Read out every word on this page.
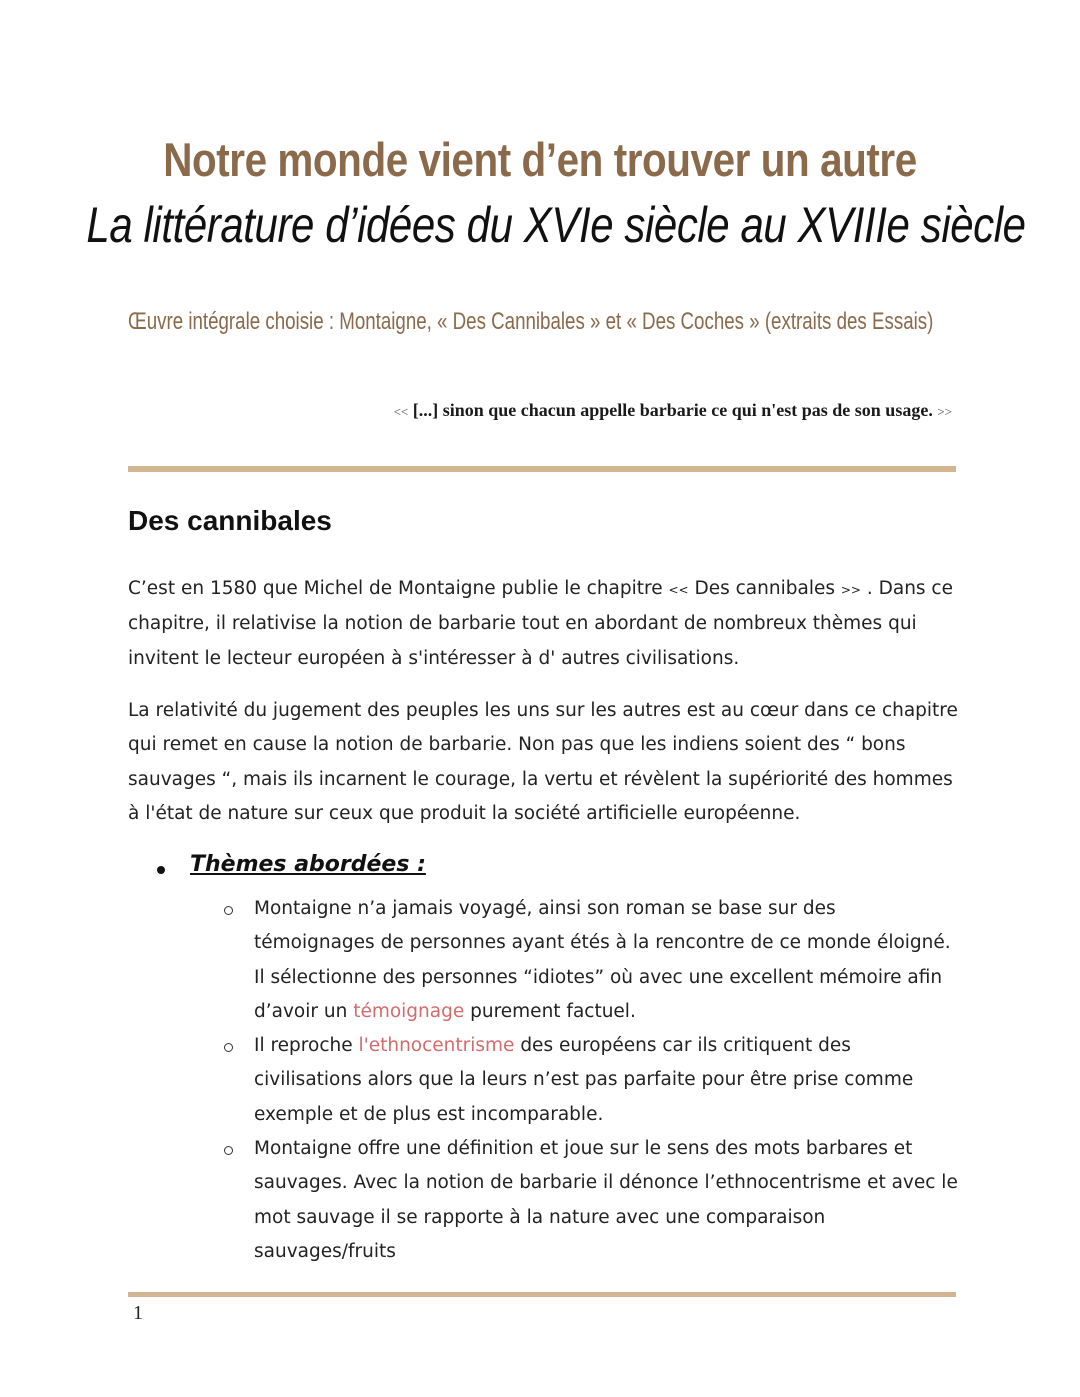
Notre monde vient d’en trouver un autre
La littérature d’idées du XVIe siècle au XVIIIe siècle
Œuvre intégrale choisie : Montaigne, « Des Cannibales » et « Des Coches » (extraits des Essais)
<< [...] sinon que chacun appelle barbarie ce qui n'est pas de son usage. >>
Des cannibales
C’est en 1580 que Michel de Montaigne publie le chapitre << Des cannibales >> . Dans ce chapitre, il relativise la notion de barbarie tout en abordant de nombreux thèmes qui invitent le lecteur européen à s'intéresser à d' autres civilisations.
La relativité du jugement des peuples les uns sur les autres est au cœur dans ce chapitre qui remet en cause la notion de barbarie. Non pas que les indiens soient des “ bons sauvages “, mais ils incarnent le courage, la vertu et révèlent la supériorité des hommes à l'état de nature sur ceux que produit la société artificielle européenne.
Thèmes abordées :
Montaigne n’a jamais voyagé, ainsi son roman se base sur des témoignages de personnes ayant étés à la rencontre de ce monde éloigné. Il sélectionne des personnes “idiotes” où avec une excellent mémoire afin d’avoir un témoignage purement factuel.
Il reproche l'ethnocentrisme des européens car ils critiquent des civilisations alors que la leurs n’est pas parfaite pour être prise comme exemple et de plus est incomparable.
Montaigne offre une définition et joue sur le sens des mots barbares et sauvages. Avec la notion de barbarie il dénonce l’ethnocentrisme et avec le mot sauvage il se rapporte à la nature avec une comparaison sauvages/fruits
1
